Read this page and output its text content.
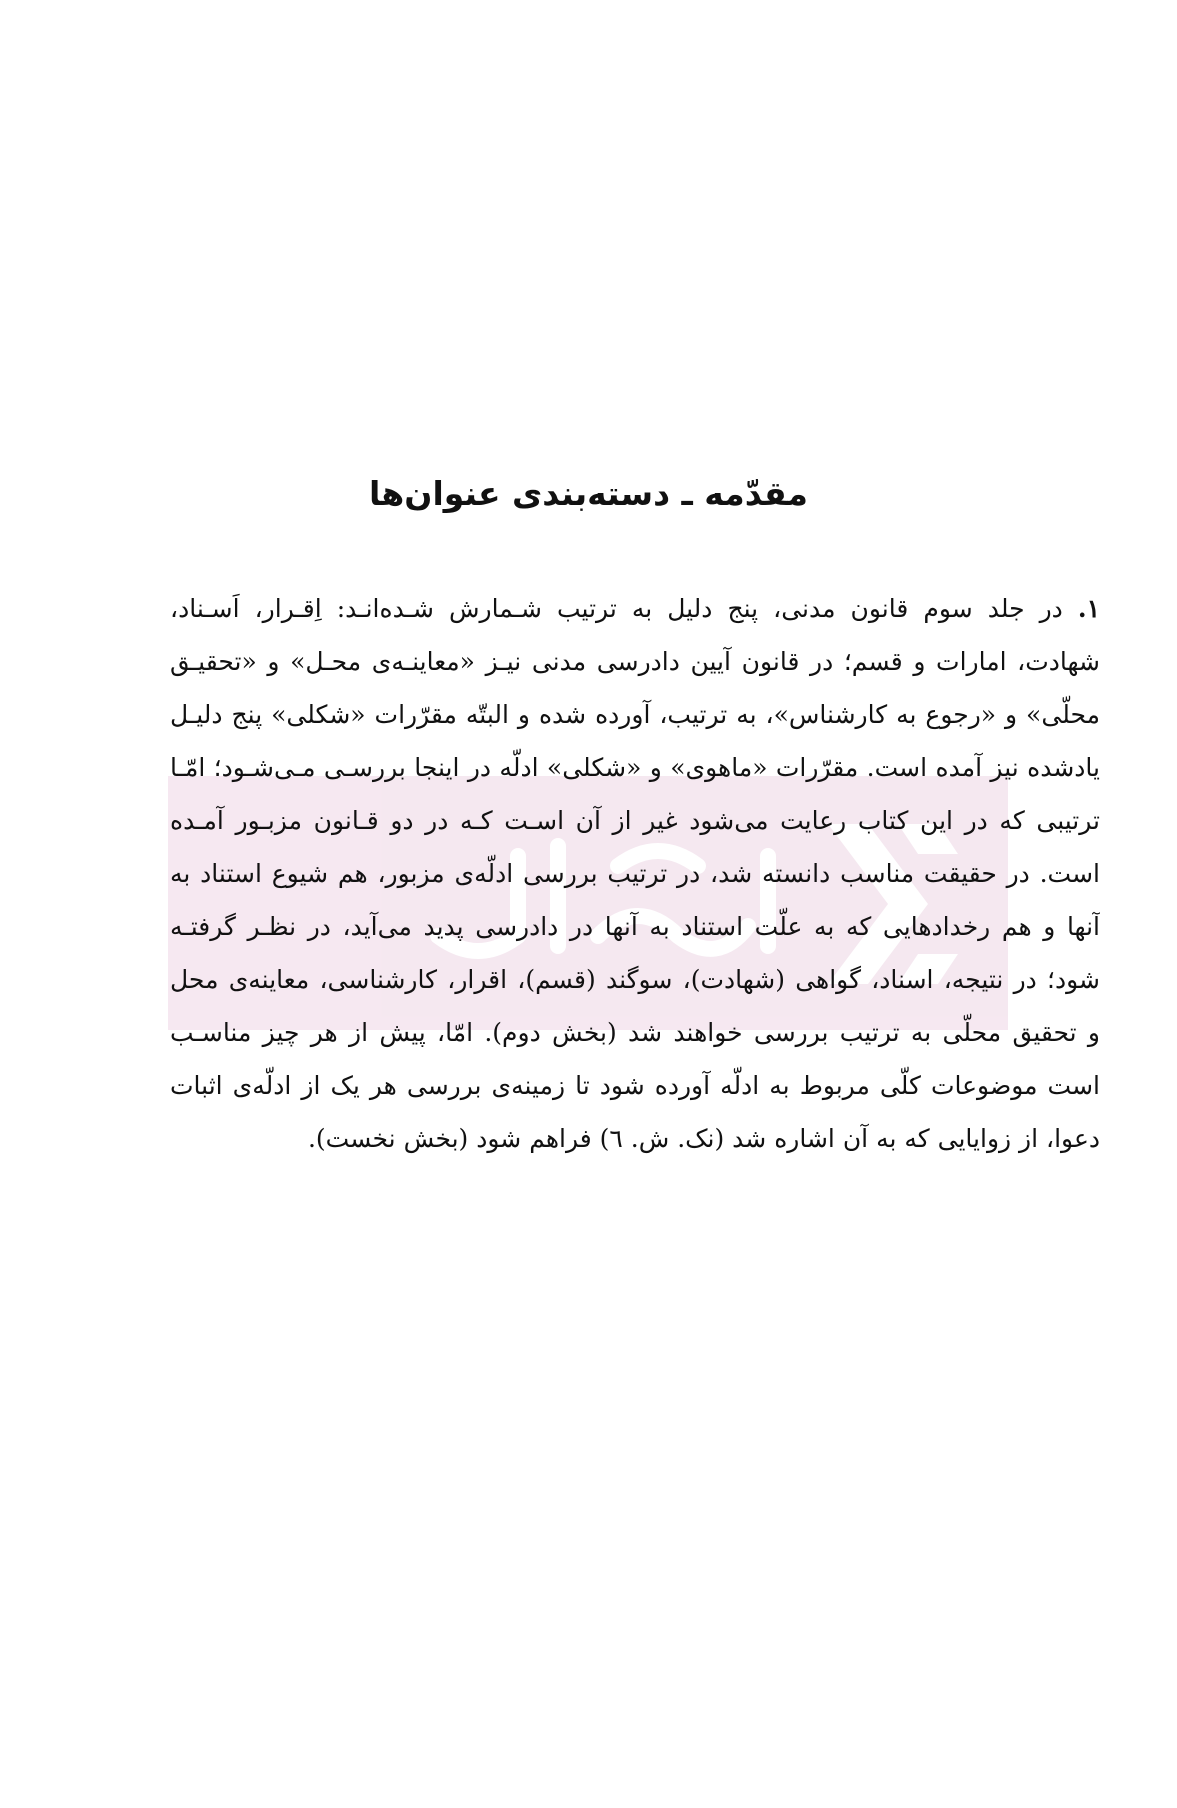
مقدّمه ـ دسته‌بندی عنوان‌ها
۱. در جلد سوم قانون مدنی، پنج دلیل به ترتیب شـمارش شـده‌انـد: اِقـرار، اَسـناد،
شهادت، امارات و قسم؛ در قانون آیین دادرسی مدنی نیـز «معاینـه‌ی محـل» و «تحقیـق
محلّی» و «رجوع به کارشناس»، به ترتیب، آورده شده و البتّه مقرّرات «شکلی» پنج دلیـل
یادشده نیز آمده است. مقرّرات «ماهوی» و «شکلی» ادلّه در اینجا بررسـی مـی‌شـود؛ امّـا
ترتیبی که در این کتاب رعایت می‌شود غیر از آن اسـت کـه در دو قـانون مزبـور آمـده
است. در حقیقت مناسب دانسته شد، در ترتیب بررسی ادلّه‌ی مزبور، هم شیوع استناد به
آنها و هم رخدادهایی که به علّت استناد به آنها در دادرسی پدید می‌آید، در نظـر گرفتـه
شود؛ در نتیجه، اسناد، گواهی (شهادت)، سوگند (قسم)، اقرار، کارشناسی، معاینه‌ی محل
و تحقیق محلّی به ترتیب بررسی خواهند شد (بخش دوم). امّا، پیش از هر چیز مناسـب
است موضوعات کلّی مربوط به ادلّه آورده شود تا زمینه‌ی بررسی هر یک از ادلّه‌ی اثبات
دعوا، از زوایایی که به آن اشاره شد (نک. ش. ٦) فراهم شود (بخش نخست).
